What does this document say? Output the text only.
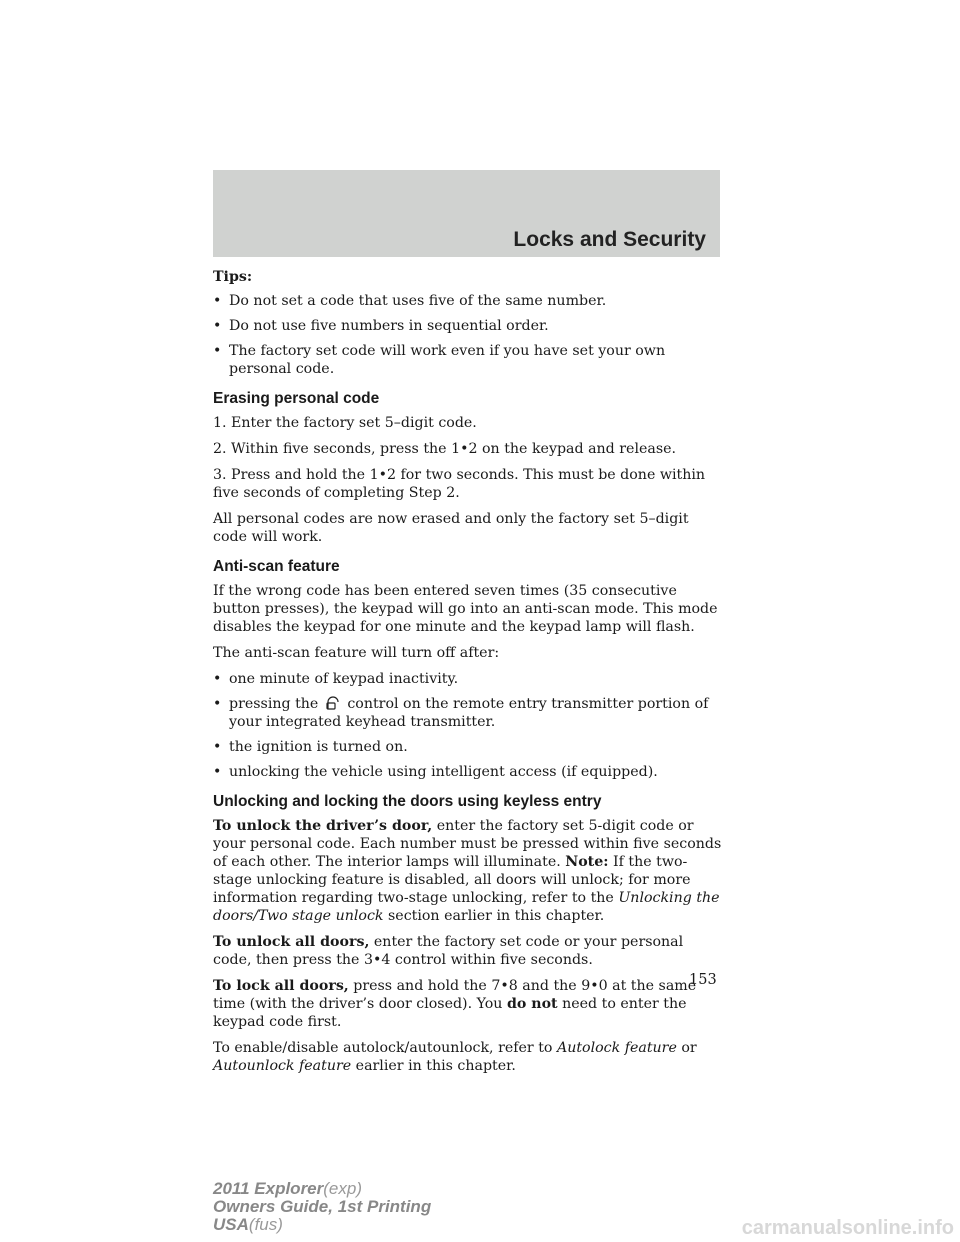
Locks and Security

Tips:

• Do not set a code that uses five of the same number.
• Do not use five numbers in sequential order.
• The factory set code will work even if you have set your own personal code.
Erasing personal code

1. Enter the factory set 5–digit code.

2. Within five seconds, press the 1•2 on the keypad and release.

3. Press and hold the 1•2 for two seconds. This must be done within five seconds of completing Step 2.

All personal codes are now erased and only the factory set 5–digit code will work.

Anti-scan feature

If the wrong code has been entered seven times (35 consecutive button presses), the keypad will go into an anti-scan mode. This mode disables the keypad for one minute and the keypad lamp will flash.

The anti-scan feature will turn off after:

• one minute of keypad inactivity.
• pressing the control on the remote entry transmitter portion of your integrated keyhead transmitter.
• the ignition is turned on.
• unlocking the vehicle using intelligent access (if equipped).
Unlocking and locking the doors using keyless entry

To unlock the driver’s door, enter the factory set 5-digit code or your personal code. Each number must be pressed within five seconds of each other. The interior lamps will illuminate. Note: If the two-stage unlocking feature is disabled, all doors will unlock; for more information regarding two-stage unlocking, refer to the Unlocking the doors/Two stage unlock section earlier in this chapter.

To unlock all doors, enter the factory set code or your personal code, then press the 3•4 control within five seconds.

To lock all doors, press and hold the 7•8 and the 9•0 at the same time (with the driver’s door closed). You do not need to enter the keypad code first.

To enable/disable autolock/autounlock, refer to Autolock feature or Autounlock feature earlier in this chapter.

153
2011 Explorer(exp)
Owners Guide, 1st Printing
USA(fus)	carmanualsonline.info
